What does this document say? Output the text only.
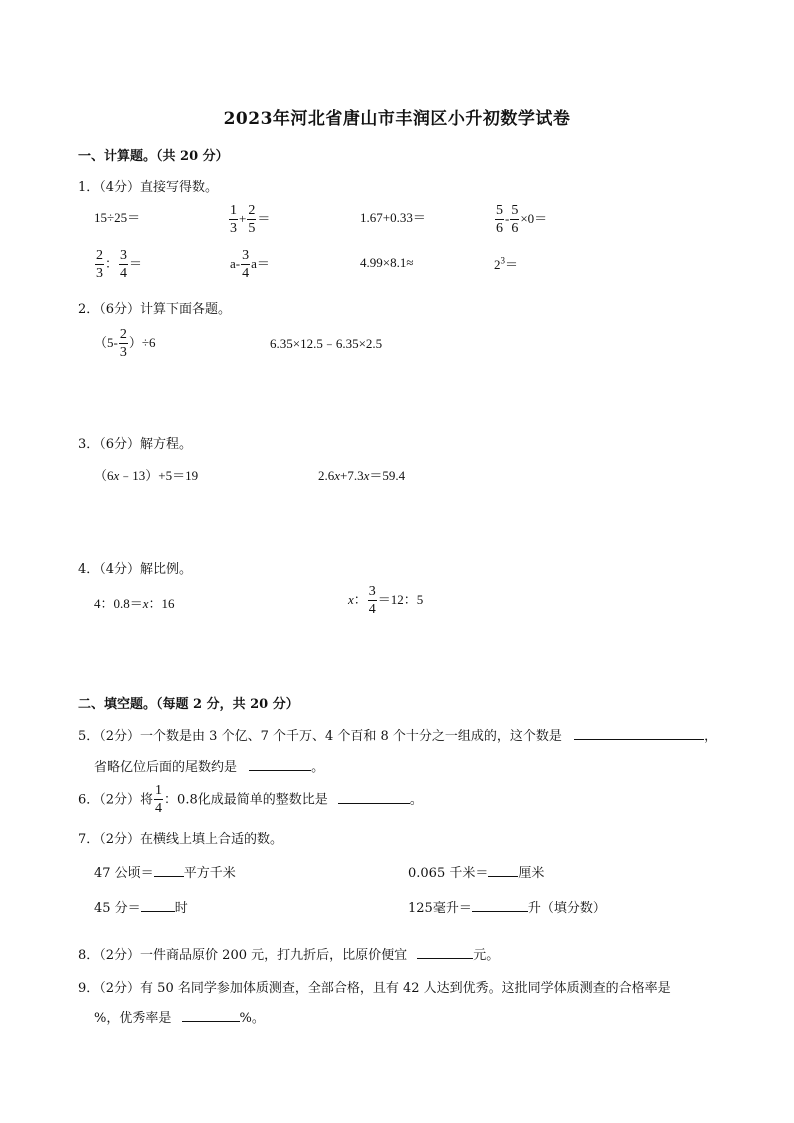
2023年河北省唐山市丰润区小升初数学试卷
一、计算题。（共 20 分）
1．（4分）直接写得数。
15÷25＝	$\frac{1}{3} + \frac{2}{5}$ ＝	1.67+0.33＝	$\frac{5}{6} - \frac{5}{6} \times 0=$
$\frac{2}{3}$ ： $\frac{3}{4}$ ＝	$a- \frac{3}{4} a=$	4.99×8.1≈	$2^3=$
2．（6分）计算下面各题。
$(5- \frac{2}{3} )\div 6$	6.35×12.5﹣6.35×2.5
3．（6分）解方程。
（6x﹣13）+5＝19	2.6x+7.3x＝59.4
4．（4分）解比例。
4：0.8＝x：16	x： $\frac{3}{4} =12$：5
二、填空题。（每题 2 分，共 20 分）
5．（2分）一个数是由 3 个亿、7 个千万、4 个百和 8 个十分之一组成的，这个数是	，
省略亿位后面的尾数约是	。
6．（2分）将 $\frac{1}{4}$ ：0.8化成最简单的整数比是	。
7．（2分）在横线上填上合适的数。
47 公顷＝ 平方千米	0.065 千米＝ 厘米
45 分＝	时	125毫升＝	升（填分数）
8．（2分）一件商品原价 200 元，打九折后，比原价便宜	元。
9．（2分）有 50 名同学参加体质测查，全部合格，且有 42 人达到优秀。这批同学体质测查的合格率是
%，优秀率是	%。
